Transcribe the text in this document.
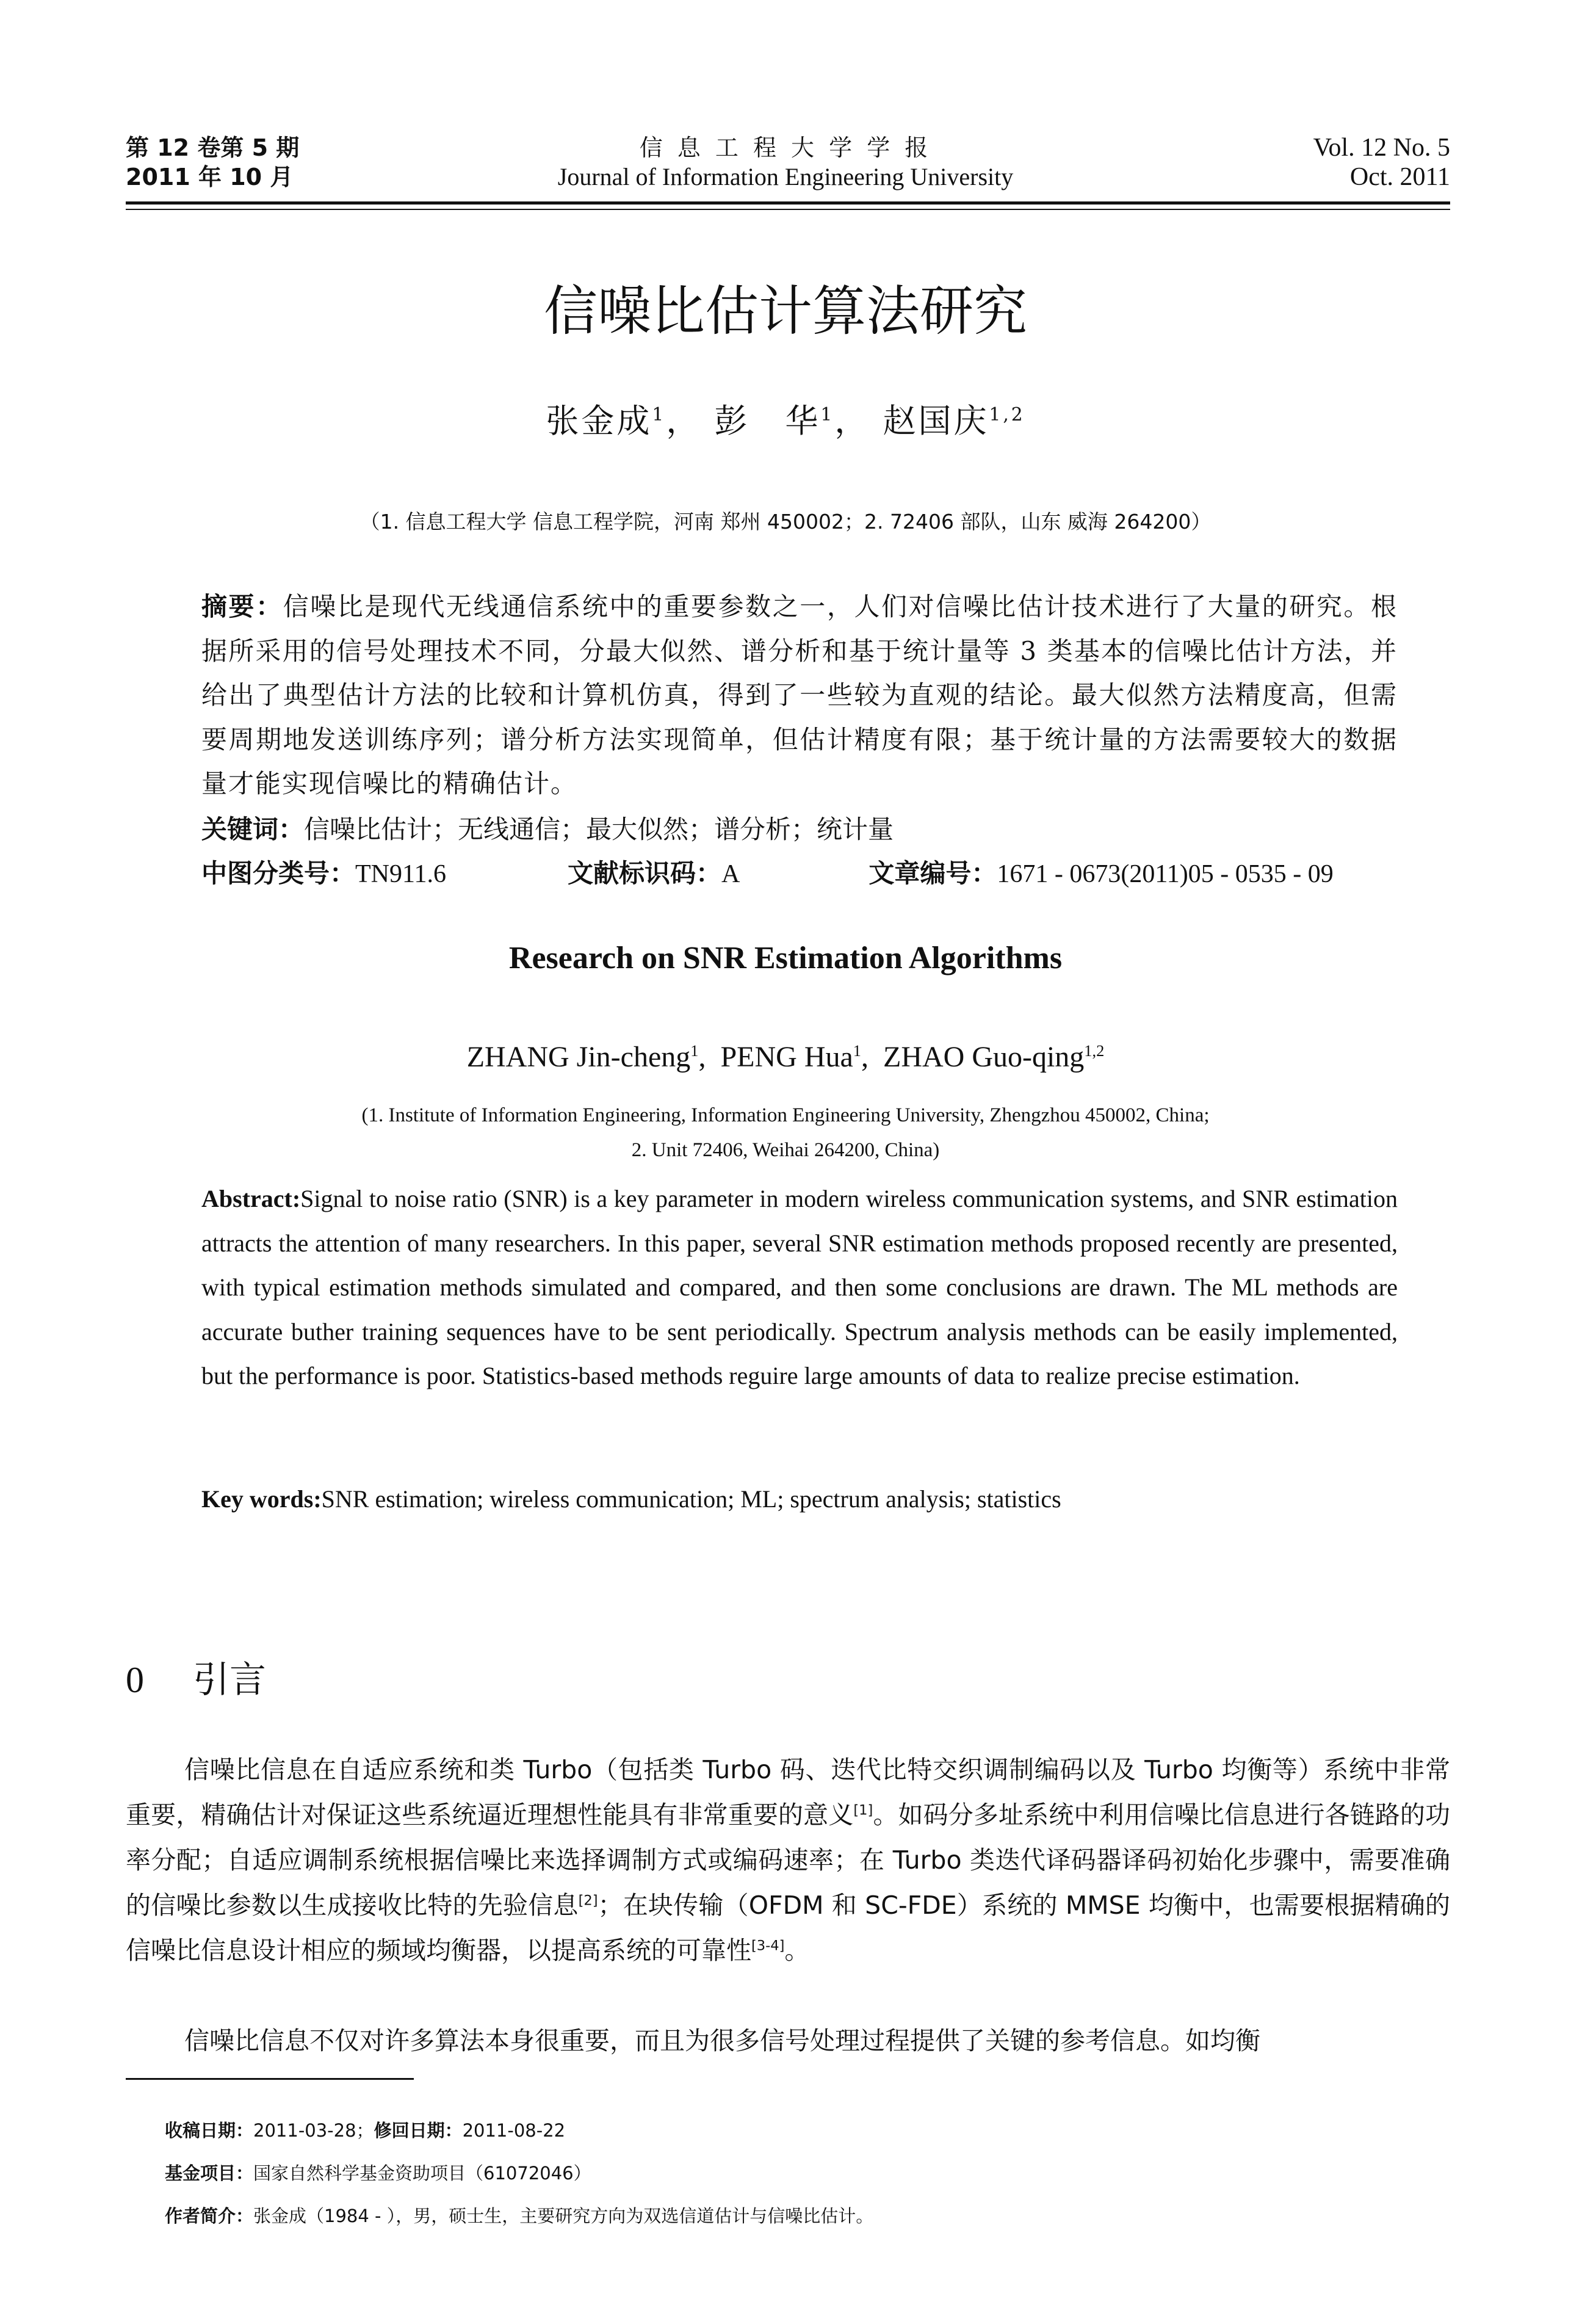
第 12 卷第 5 期
2011 年 10 月
信 息 工 程 大 学 学 报
Journal of Information Engineering University
Vol. 12 No. 5
Oct. 2011
信噪比估计算法研究
张金成$^1$， 彭　华$^1$， 赵国庆$^{1,2}$
（1. 信息工程大学 信息工程学院，河南 郑州 450002；2. 72406 部队，山东 威海 264200）
摘要：信噪比是现代无线通信系统中的重要参数之一，人们对信噪比估计技术进行了大量的研究。根据所采用的信号处理技术不同，分最大似然、谱分析和基于统计量等 3 类基本的信噪比估计方法，并给出了典型估计方法的比较和计算机仿真，得到了一些较为直观的结论。最大似然方法精度高，但需要周期地发送训练序列；谱分析方法实现简单，但估计精度有限；基于统计量的方法需要较大的数据量才能实现信噪比的精确估计。
关键词：信噪比估计；无线通信；最大似然；谱分析；统计量
中图分类号：TN911.6	文献标识码：A	文章编号：1671 - 0673(2011)05 - 0535 - 09
Research on SNR Estimation Algorithms
ZHANG Jin-cheng$^1$,  PENG Hua$^1$,  ZHAO Guo-qing$^{1,2}$
(1. Institute of Information Engineering, Information Engineering University, Zhengzhou 450002, China;
2. Unit 72406, Weihai 264200, China)
Abstract:Signal to noise ratio (SNR) is a key parameter in modern wireless communication systems, and SNR estimation attracts the attention of many researchers. In this paper, several SNR estimation methods proposed recently are presented, with typical estimation methods simulated and compared, and then some conclusions are drawn. The ML methods are accurate buther training sequences have to be sent periodically. Spectrum analysis methods can be easily implemented, but the performance is poor. Statistics-based methods reguire large amounts of data to realize precise estimation.
Key words:SNR estimation; wireless communication; ML; spectrum analysis; statistics
0 引言
信噪比信息在自适应系统和类 Turbo（包括类 Turbo 码、迭代比特交织调制编码以及 Turbo 均衡等）系统中非常重要，精确估计对保证这些系统逼近理想性能具有非常重要的意义[1]。如码分多址系统中利用信噪比信息进行各链路的功率分配；自适应调制系统根据信噪比来选择调制方式或编码速率；在 Turbo 类迭代译码器译码初始化步骤中，需要准确的信噪比参数以生成接收比特的先验信息[2]；在块传输（OFDM 和 SC-FDE）系统的 MMSE 均衡中，也需要根据精确的信噪比信息设计相应的频域均衡器，以提高系统的可靠性[3-4]。
信噪比信息不仅对许多算法本身很重要，而且为很多信号处理过程提供了关键的参考信息。如均衡
收稿日期：2011-03-28；修回日期：2011-08-22
基金项目：国家自然科学基金资助项目（61072046）
作者简介：张金成（1984 - ），男，硕士生，主要研究方向为双选信道估计与信噪比估计。
